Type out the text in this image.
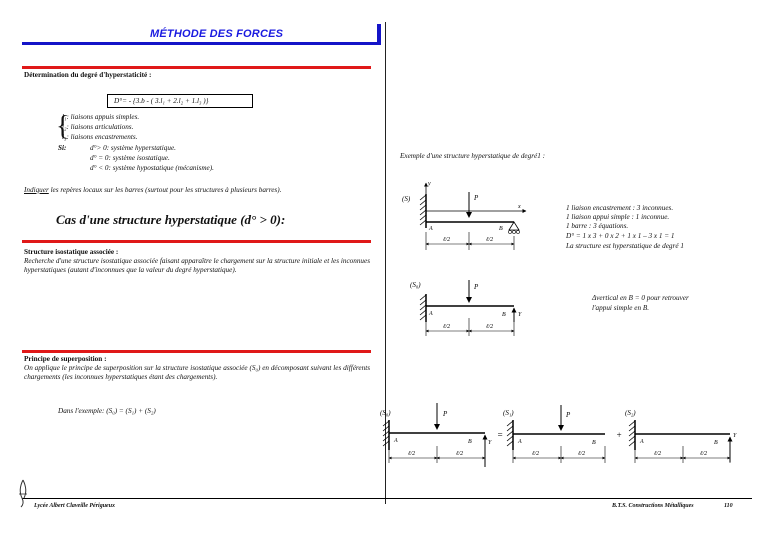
MÉTHODE DES FORCES
Détermination du degré d'hyperstaticité :
D°= - {3.b - ( 3.l₁ + 2.l₂ + 1.l₃ )}
{
l₁: liaisons appuis simples.
l₂: liaisons articulations.
l₃: liaisons encastrements.
Si:	d°> 0: système hyperstatique.
d° = 0: système isostatique.
d° < 0: système hypostatique (mécanisme).
Indiquer les repères locaux sur les barres (surtout pour les structures à plusieurs barres).
Cas d'une structure hyperstatique (d° > 0):
Structure isostatique associée :
Recherche d'une structure isostatique associée faisant apparaître le chargement sur la structure initiale et les inconnues hyperstatiques (autant d'inconnues que la valeur du degré hyperstatique).
Principe de superposition :
On applique le principe de superposition sur la structure isostatique associée (S₀) en décomposant suivant les différents chargements (les inconnues hyperstatiques étant des chargements).
Dans l'exemple: (S₀) = (S₁) + (S₂)
Exemple d'une structure hyperstatique de degré1 :
1 liaison encastrement : 3 inconnues.
1 liaison appui simple : 1 inconnue.
1 barre : 3 équations.
D° = 1 x 3 + 0 x 2 + 1 x 1 – 3 x 1 = 1
La structure est hyperstatique de degré 1
Δvertical en B = 0 pour retrouver
l'appui simple en B.
(S)
y
x
P
A	B
ℓ/2	ℓ/2
(S₀)	P
A	B Y
ℓ/2	ℓ/2
(S₀)	P
A	B	Y
ℓ/2	ℓ/2
=
(S₁)	P
A	B
ℓ/2	ℓ/2
+
(S₂)
A	B
Y
ℓ/2	ℓ/2
Lycée Albert Claveille Périgueux	B.T.S. Constructions Métalliques	110
